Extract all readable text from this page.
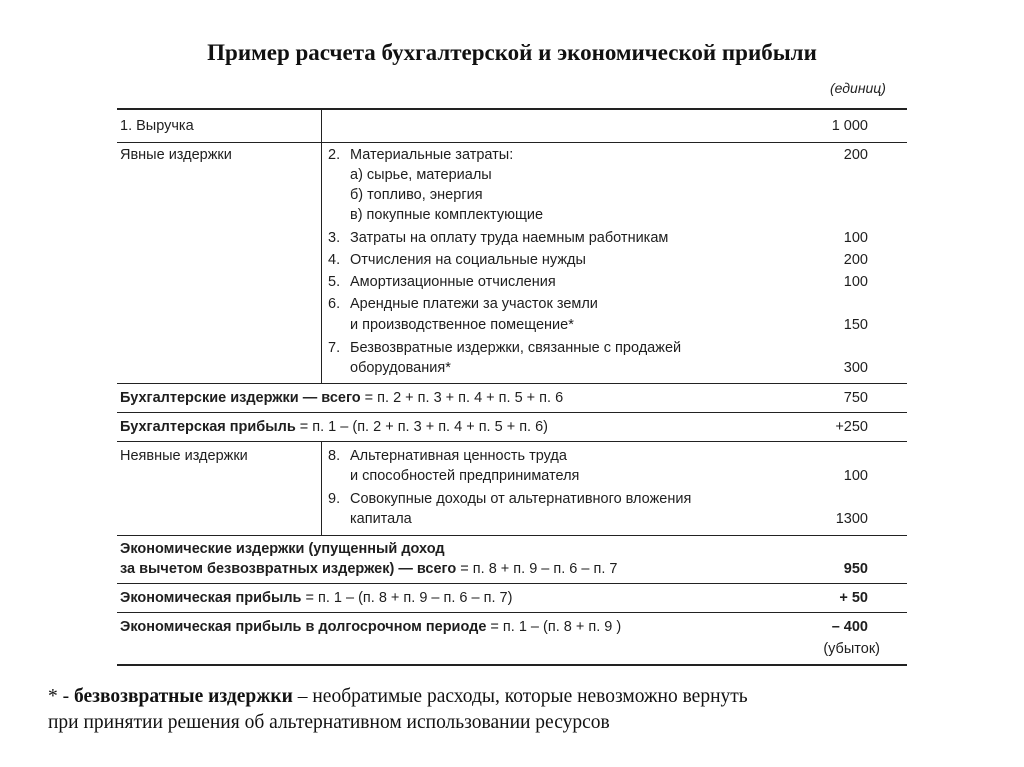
Пример расчета бухгалтерской и экономической прибыли
(единиц)
1. Выручка	1 000
Явные издержки	2. Материальные затраты:	200
а) сырье, материалы
б) топливо, энергия
в) покупные комплектующие
3. Затраты на оплату труда наемным работникам	100
4. Отчисления на социальные нужды	200
5. Амортизационные отчисления	100
6. Арендные платежи за участок земли
и производственное помещение*	150
7. Безвозвратные издержки, связанные с продажей
оборудования*	300
Бухгалтерские издержки — всего = п. 2 + п. 3 + п. 4 + п. 5 + п. 6	750
Бухгалтерская прибыль = п. 1 – (п. 2 + п. 3 + п. 4 + п. 5 + п. 6)	+250
Неявные издержки	8. Альтернативная ценность труда
и способностей предпринимателя	100
9. Совокупные доходы от альтернативного вложения
капитала	1300
Экономические издержки (упущенный доход
за вычетом безвозвратных издержек) — всего = п. 8 + п. 9 – п. 6 – п. 7	950
Экономическая прибыль = п. 1 – (п. 8 + п. 9 – п. 6 – п. 7)	+ 50
Экономическая прибыль в долгосрочном периоде = п. 1 – (п. 8 + п. 9 )	– 400
(убыток)
* - безвозвратные издержки – необратимые расходы, которые невозможно вернуть
при принятии решения об альтернативном использовании ресурсов
